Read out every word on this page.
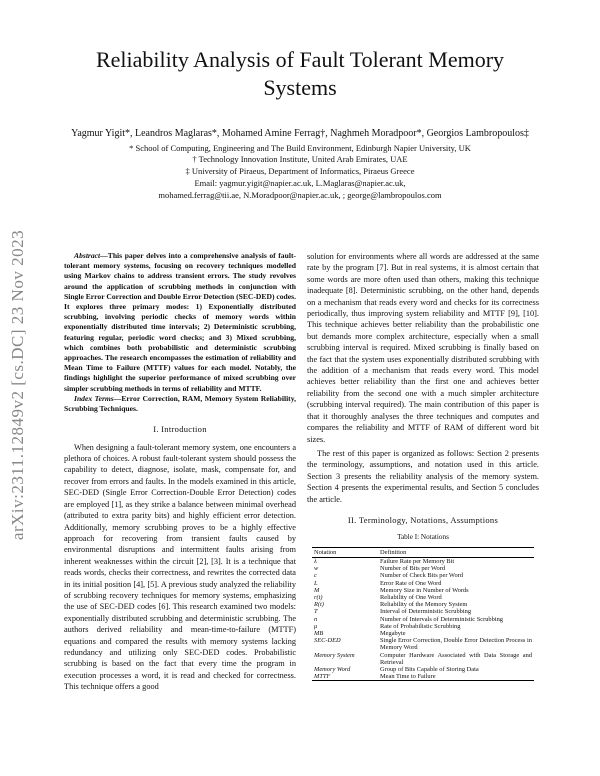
arXiv:2311.12849v2 [cs.DC] 23 Nov 2023
Reliability Analysis of Fault Tolerant Memory Systems
Yagmur Yigit*, Leandros Maglaras*, Mohamed Amine Ferrag†, Naghmeh Moradpoor*, Georgios Lambropoulos‡
* School of Computing, Engineering and The Build Environment, Edinburgh Napier University, UK
† Technology Innovation Institute, United Arab Emirates, UAE
‡ University of Piraeus, Department of Informatics, Piraeus Greece
Email: yagmur.yigit@napier.ac.uk, L.Maglaras@napier.ac.uk,
mohamed.ferrag@tii.ae, N.Moradpoor@napier.ac.uk, ; george@lambropoulos.com

Abstract—This paper delves into a comprehensive analysis of fault-tolerant memory systems, focusing on recovery techniques modelled using Markov chains to address transient errors. The study revolves around the application of scrubbing methods in conjunction with Single Error Correction and Double Error Detection (SEC-DED) codes. It explores three primary modes: 1) Exponentially distributed scrubbing, involving periodic checks of memory words within exponentially distributed time intervals; 2) Deterministic scrubbing, featuring regular, periodic word checks; and 3) Mixed scrubbing, which combines both probabilistic and deterministic scrubbing approaches. The research encompasses the estimation of reliability and Mean Time to Failure (MTTF) values for each model. Notably, the findings highlight the superior performance of mixed scrubbing over simpler scrubbing methods in terms of reliability and MTTF.

Index Terms—Error Correction, RAM, Memory System Reliability, Scrubbing Techniques.

I. Introduction

When designing a fault-tolerant memory system, one encounters a plethora of choices. A robust fault-tolerant system should possess the capability to detect, diagnose, isolate, mask, compensate for, and recover from errors and faults. In the models examined in this article, SEC-DED (Single Error Correction-Double Error Detection) codes are employed [1], as they strike a balance between minimal overhead (attributed to extra parity bits) and highly efficient error detection. Additionally, memory scrubbing proves to be a highly effective approach for recovering from transient faults caused by environmental disruptions and intermittent faults arising from inherent weaknesses within the circuit [2], [3]. It is a technique that reads words, checks their correctness, and rewrites the corrected data in its initial position [4], [5]. A previous study analyzed the reliability of scrubbing recovery techniques for memory systems, emphasizing the use of SEC-DED codes [6]. This research examined two models: exponentially distributed scrubbing and deterministic scrubbing. The authors derived reliability and mean-time-to-failure (MTTF) equations and compared the results with memory systems lacking redundancy and utilizing only SEC-DED codes. Probabilistic scrubbing is based on the fact that every time the program in execution processes a word, it is read and checked for correctness. This technique offers a good

solution for environments where all words are addressed at the same rate by the program [7]. But in real systems, it is almost certain that some words are more often used than others, making this technique inadequate [8]. Deterministic scrubbing, on the other hand, depends on a mechanism that reads every word and checks for its correctness periodically, thus improving system reliability and MTTF [9], [10]. This technique achieves better reliability than the probabilistic one but demands more complex architecture, especially when a small scrubbing interval is required. Mixed scrubbing is finally based on the fact that the system uses exponentially distributed scrubbing with the addition of a mechanism that reads every word. This model achieves better reliability than the first one and achieves better reliability from the second one with a much simpler architecture (scrubbing interval required). The main contribution of this paper is that it thoroughly analyses the three techniques and computes and compares the reliability and MTTF of RAM of different word bit sizes.

The rest of this paper is organized as follows: Section 2 presents the terminology, assumptions, and notation used in this article. Section 3 presents the reliability analysis of the memory system. Section 4 presents the experimental results, and Section 5 concludes the article.

II. Terminology, Notations, Assumptions
Table I: Notations
Notation	Definition
λ	Failure Rate per Memory Bit
w	Number of Bits per Word
c	Number of Check Bits per Word
L	Error Rate of One Word
M	Memory Size in Number of Words
r(t)	Reliability of One Word
R(t)	Reliability of the Memory System
T	Interval of Deterministic Scrubbing
n	Number of Intervals of Deterministic Scrubbing
μ	Rate of Probabilistic Scrubbing
MB	Megabyte
SEC-DED	Single Error Correction, Double Error Detection Process in Memory Word
Memory System	Computer Hardware Associated with Data Storage and Retrieval
Memory Word	Group of Bits Capable of Storing Data
MTTF	Mean Time to Failure
